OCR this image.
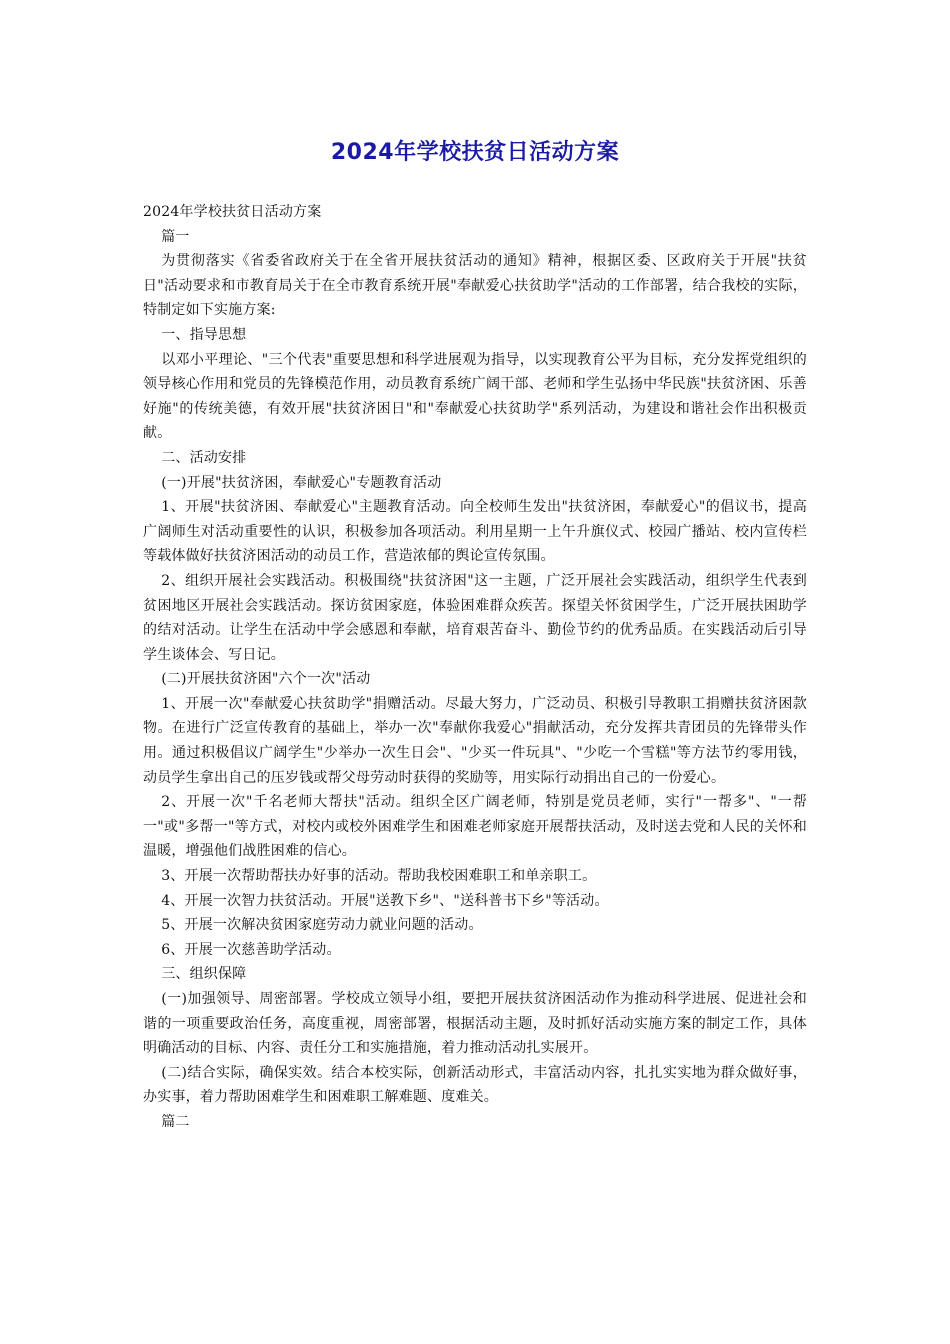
2024年学校扶贫日活动方案

2024年学校扶贫日活动方案

篇一

为贯彻落实《省委省政府关于在全省开展扶贫活动的通知》精神，根据区委、区政府关于开展"扶贫日"活动要求和市教育局关于在全市教育系统开展"奉献爱心扶贫助学"活动的工作部署，结合我校的实际，特制定如下实施方案:

一、指导思想

以邓小平理论、"三个代表"重要思想和科学进展观为指导，以实现教育公平为目标，充分发挥党组织的领导核心作用和党员的先锋模范作用，动员教育系统广阔干部、老师和学生弘扬中华民族"扶贫济困、乐善好施"的传统美德，有效开展"扶贫济困日"和"奉献爱心扶贫助学"系列活动，为建设和谐社会作出积极贡献。

二、活动安排

(一)开展"扶贫济困，奉献爱心"专题教育活动

1、开展"扶贫济困、奉献爱心"主题教育活动。向全校师生发出"扶贫济困，奉献爱心"的倡议书，提高广阔师生对活动重要性的认识，积极参加各项活动。利用星期一上午升旗仪式、校园广播站、校内宣传栏等载体做好扶贫济困活动的动员工作，营造浓郁的舆论宣传氛围。

2、组织开展社会实践活动。积极围绕"扶贫济困"这一主题，广泛开展社会实践活动，组织学生代表到贫困地区开展社会实践活动。探访贫困家庭，体验困难群众疾苦。探望关怀贫困学生，广泛开展扶困助学的结对活动。让学生在活动中学会感恩和奉献，培育艰苦奋斗、勤俭节约的优秀品质。在实践活动后引导学生谈体会、写日记。

(二)开展扶贫济困"六个一次"活动

1、开展一次"奉献爱心扶贫助学"捐赠活动。尽最大努力，广泛动员、积极引导教职工捐赠扶贫济困款物。在进行广泛宣传教育的基础上，举办一次"奉献你我爱心"捐献活动，充分发挥共青团员的先锋带头作用。通过积极倡议广阔学生"少举办一次生日会"、"少买一件玩具"、"少吃一个雪糕"等方法节约零用钱，动员学生拿出自己的压岁钱或帮父母劳动时获得的奖励等，用实际行动捐出自己的一份爱心。

2、开展一次"千名老师大帮扶"活动。组织全区广阔老师，特别是党员老师，实行"一帮多"、"一帮一"或"多帮一"等方式，对校内或校外困难学生和困难老师家庭开展帮扶活动，及时送去党和人民的关怀和温暖，增强他们战胜困难的信心。

3、开展一次帮助帮扶办好事的活动。帮助我校困难职工和单亲职工。

4、开展一次智力扶贫活动。开展"送教下乡"、"送科普书下乡"等活动。

5、开展一次解决贫困家庭劳动力就业问题的活动。

6、开展一次慈善助学活动。

三、组织保障

(一)加强领导、周密部署。学校成立领导小组，要把开展扶贫济困活动作为推动科学进展、促进社会和谐的一项重要政治任务，高度重视，周密部署，根据活动主题，及时抓好活动实施方案的制定工作，具体明确活动的目标、内容、责任分工和实施措施，着力推动活动扎实展开。

(二)结合实际，确保实效。结合本校实际，创新活动形式，丰富活动内容，扎扎实实地为群众做好事，办实事，着力帮助困难学生和困难职工解难题、度难关。

篇二
